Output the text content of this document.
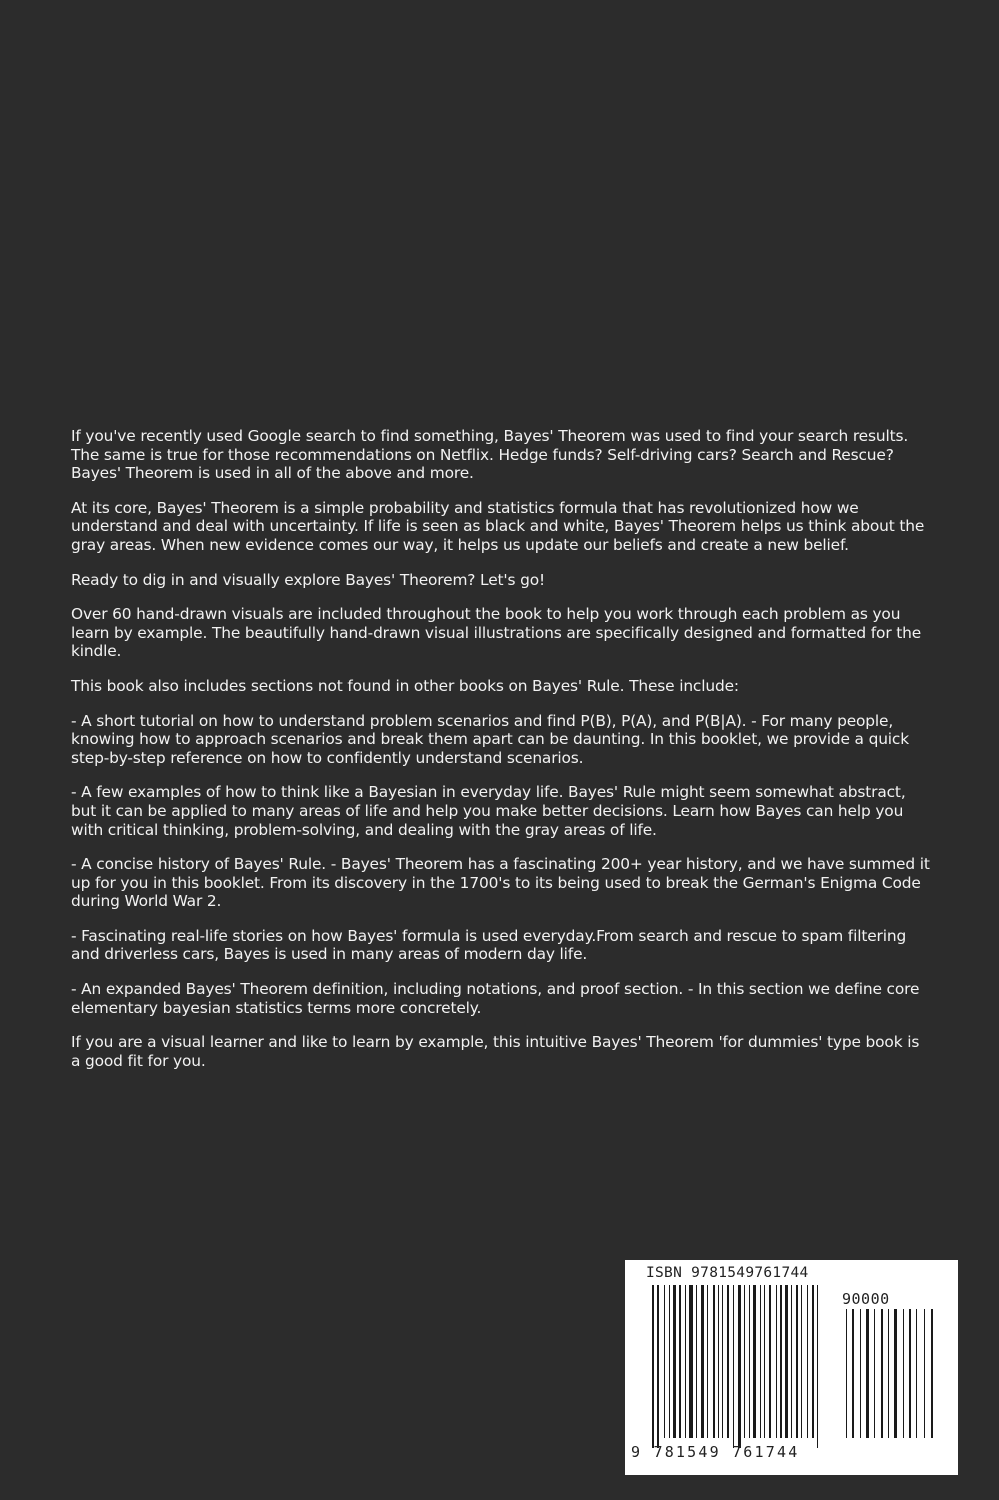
If you've recently used Google search to find something, Bayes' Theorem was used to find your search results. The same is true for those recommendations on Netflix. Hedge funds? Self-driving cars? Search and Rescue? Bayes' Theorem is used in all of the above and more.

At its core, Bayes' Theorem is a simple probability and statistics formula that has revolutionized how we understand and deal with uncertainty. If life is seen as black and white, Bayes' Theorem helps us think about the gray areas. When new evidence comes our way, it helps us update our beliefs and create a new belief.

Ready to dig in and visually explore Bayes' Theorem? Let's go!

Over 60 hand-drawn visuals are included throughout the book to help you work through each problem as you learn by example. The beautifully hand-drawn visual illustrations are specifically designed and formatted for the kindle.

This book also includes sections not found in other books on Bayes' Rule. These include:

- A short tutorial on how to understand problem scenarios and find P(B), P(A), and P(B|A). - For many people, knowing how to approach scenarios and break them apart can be daunting. In this booklet, we provide a quick step-by-step reference on how to confidently understand scenarios.

- A few examples of how to think like a Bayesian in everyday life. Bayes' Rule might seem somewhat abstract, but it can be applied to many areas of life and help you make better decisions. Learn how Bayes can help you with critical thinking, problem-solving, and dealing with the gray areas of life.

- A concise history of Bayes' Rule. - Bayes' Theorem has a fascinating 200+ year history, and we have summed it up for you in this booklet. From its discovery in the 1700's to its being used to break the German's Enigma Code during World War 2.

- Fascinating real-life stories on how Bayes' formula is used everyday.From search and rescue to spam filtering and driverless cars, Bayes is used in many areas of modern day life.

- An expanded Bayes' Theorem definition, including notations, and proof section. - In this section we define core elementary bayesian statistics terms more concretely.

If you are a visual learner and like to learn by example, this intuitive Bayes' Theorem 'for dummies' type book is a good fit for you.

ISBN 9781549761744
90000
9 781549 761744
